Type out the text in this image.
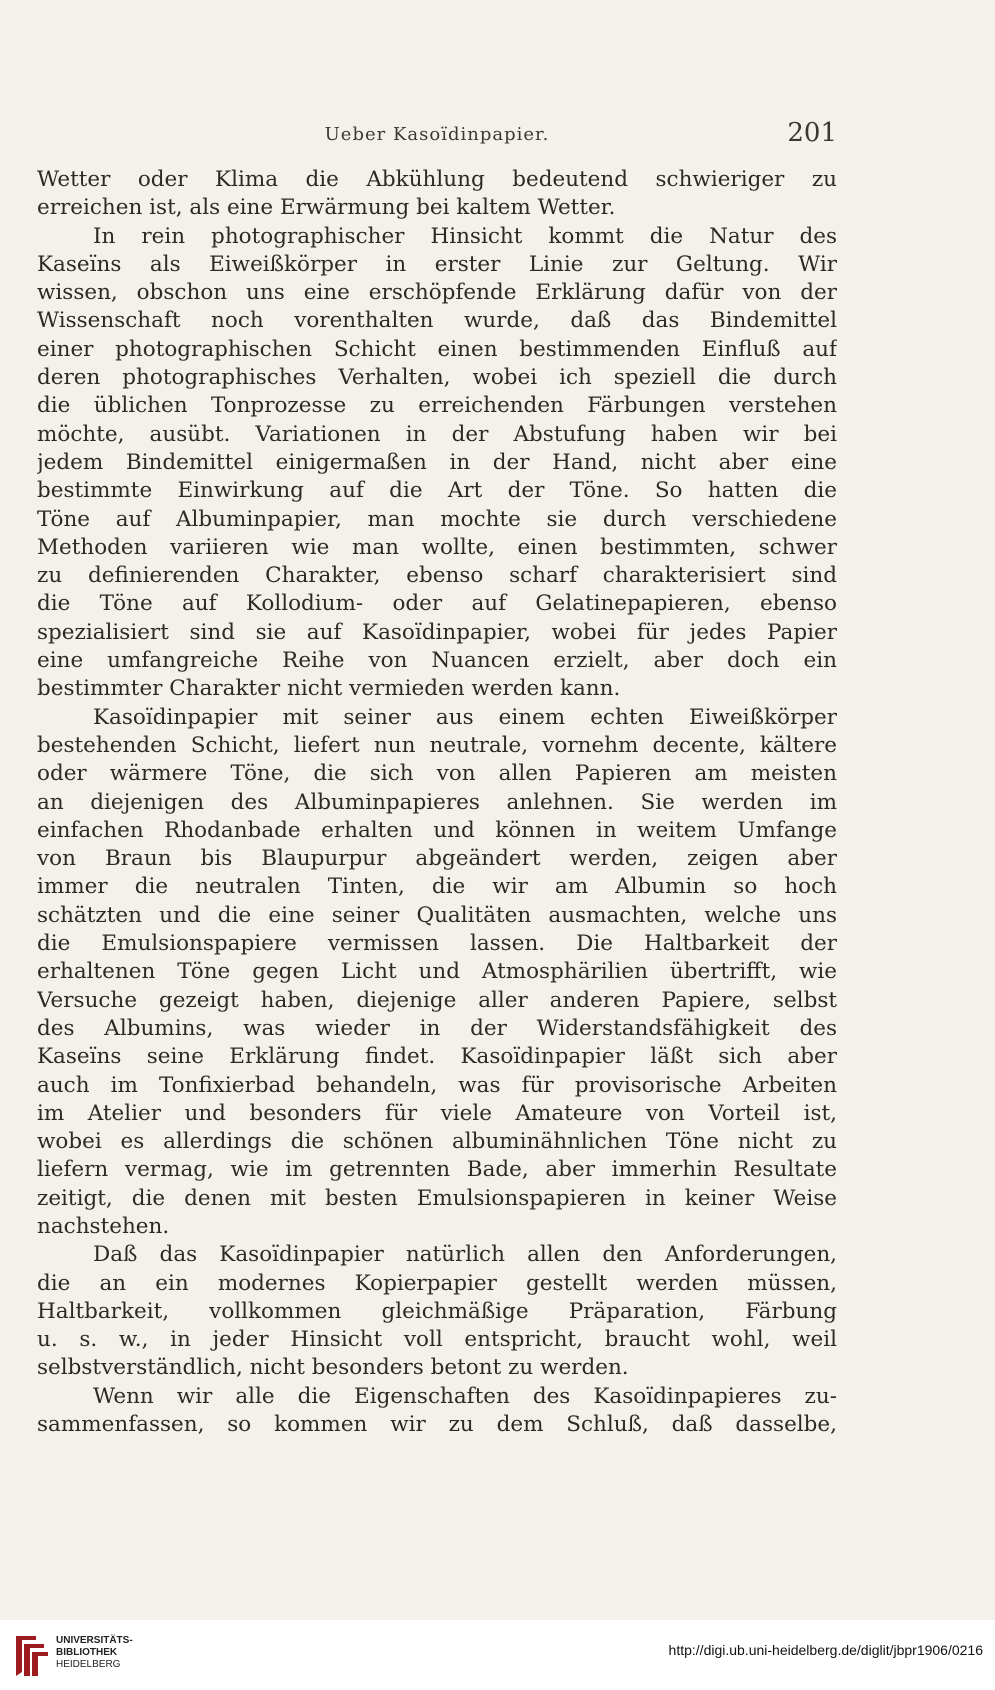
Ueber Kasoïdinpapier.	201
Wetter oder Klima die Abkühlung bedeutend schwieriger zu
erreichen ist, als eine Erwärmung bei kaltem Wetter.
In rein photographischer Hinsicht kommt die Natur des
Kaseïns als Eiweißkörper in erster Linie zur Geltung. Wir
wissen, obschon uns eine erschöpfende Erklärung dafür von der
Wissenschaft noch vorenthalten wurde, daß das Bindemittel
einer photographischen Schicht einen bestimmenden Einfluß auf
deren photographisches Verhalten, wobei ich speziell die durch
die üblichen Tonprozesse zu erreichenden Färbungen verstehen
möchte, ausübt. Variationen in der Abstufung haben wir bei
jedem Bindemittel einigermaßen in der Hand, nicht aber eine
bestimmte Einwirkung auf die Art der Töne. So hatten die
Töne auf Albuminpapier, man mochte sie durch verschiedene
Methoden variieren wie man wollte, einen bestimmten, schwer
zu definierenden Charakter, ebenso scharf charakterisiert sind
die Töne auf Kollodium- oder auf Gelatinepapieren, ebenso
spezialisiert sind sie auf Kasoïdinpapier, wobei für jedes Papier
eine umfangreiche Reihe von Nuancen erzielt, aber doch ein
bestimmter Charakter nicht vermieden werden kann.
Kasoïdinpapier mit seiner aus einem echten Eiweißkörper
bestehenden Schicht, liefert nun neutrale, vornehm decente, kältere
oder wärmere Töne, die sich von allen Papieren am meisten
an diejenigen des Albuminpapieres anlehnen. Sie werden im
einfachen Rhodanbade erhalten und können in weitem Umfange
von Braun bis Blaupurpur abgeändert werden, zeigen aber
immer die neutralen Tinten, die wir am Albumin so hoch
schätzten und die eine seiner Qualitäten ausmachten, welche uns
die Emulsionspapiere vermissen lassen. Die Haltbarkeit der
erhaltenen Töne gegen Licht und Atmosphärilien übertrifft, wie
Versuche gezeigt haben, diejenige aller anderen Papiere, selbst
des Albumins, was wieder in der Widerstandsfähigkeit des
Kaseïns seine Erklärung findet. Kasoïdinpapier läßt sich aber
auch im Tonfixierbad behandeln, was für provisorische Arbeiten
im Atelier und besonders für viele Amateure von Vorteil ist,
wobei es allerdings die schönen albuminähnlichen Töne nicht zu
liefern vermag, wie im getrennten Bade, aber immerhin Resultate
zeitigt, die denen mit besten Emulsionspapieren in keiner Weise
nachstehen.
Daß das Kasoïdinpapier natürlich allen den Anforderungen,
die an ein modernes Kopierpapier gestellt werden müssen,
Haltbarkeit, vollkommen gleichmäßige Präparation, Färbung
u. s. w., in jeder Hinsicht voll entspricht, braucht wohl, weil
selbstverständlich, nicht besonders betont zu werden.
Wenn wir alle die Eigenschaften des Kasoïdinpapieres zu-
sammenfassen, so kommen wir zu dem Schluß, daß dasselbe,
UNIVERSITÄTS-
BIBLIOTHEK
HEIDELBERG
http://digi.ub.uni-heidelberg.de/diglit/jbpr1906/0216
